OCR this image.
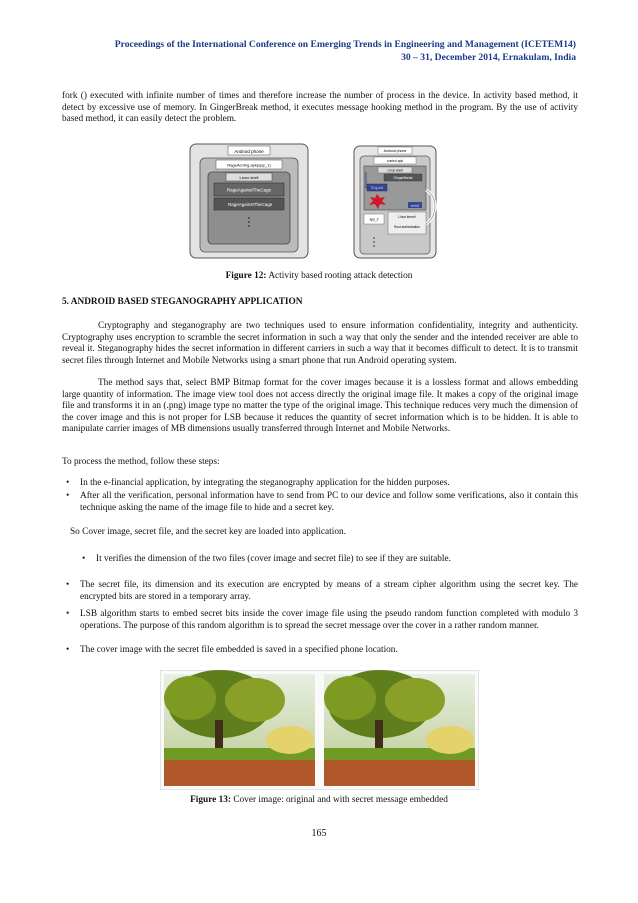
Proceedings of the International Conference on Emerging Trends in Engineering and Management (ICETEM14)
30 – 31, December 2014, Ernakulam, India
fork () executed with infinite number of times and therefore increase the number of process in the device. In activity based method, it detect by excessive use of memory. In GingerBreak method, it executes message hooking method in the program. By the use of activity based method, it can easily detect the problem.
Android phone
RageAcntng.apk(app_1)
Linux shell
RageAgainstTheCage
RageAgainstTheCage
Android phone
control.apk
Linux shell
GingerBreak
Request
exec()
app_2
Linux kernel
Root authorization
Figure 12: Activity based rooting attack detection
5. ANDROID BASED STEGANOGRAPHY APPLICATION
Cryptography and steganography are two techniques used to ensure information confidentiality, integrity and authenticity. Cryptography uses encryption to scramble the secret information in such a way that only the sender and the intended receiver are able to reveal it. Steganography hides the secret information in different carriers in such a way that it becomes difficult to detect. It is to transmit secret files through Internet and Mobile Networks using a smart phone that run Android operating system.
The method says that, select BMP Bitmap format for the cover images because it is a lossless format and allows embedding large quantity of information. The image view tool does not access directly the original image file. It makes a copy of the original image file and transforms it in an (.png) image type no matter the type of the original image. This technique reduces very much the dimension of the cover image and this is not proper for LSB because it reduces the quantity of secret information which is to be hidden. It is able to manipulate carrier images of MB dimensions usually transferred through Internet and Mobile Networks.
To process the method, follow these steps:
• In the e-financial application, by integrating the steganography application for the hidden purposes.
• After all the verification, personal information have to send from PC to our device and follow some verifications, also it contain this technique asking the name of the image file to hide and a secret key.
So Cover image, secret file, and the secret key are loaded into application.
• It verifies the dimension of the two files (cover image and secret file) to see if they are suitable.
• The secret file, its dimension and its execution are encrypted by means of a stream cipher algorithm using the secret key. The encrypted bits are stored in a temporary array.
• LSB algorithm starts to embed secret bits inside the cover image file using the pseudo random function completed with modulo 3 operations. The purpose of this random algorithm is to spread the secret message over the cover in a rather random manner.
• The cover image with the secret file embedded is saved in a specified phone location.
Figure 13: Cover image: original and with secret message embedded
165
